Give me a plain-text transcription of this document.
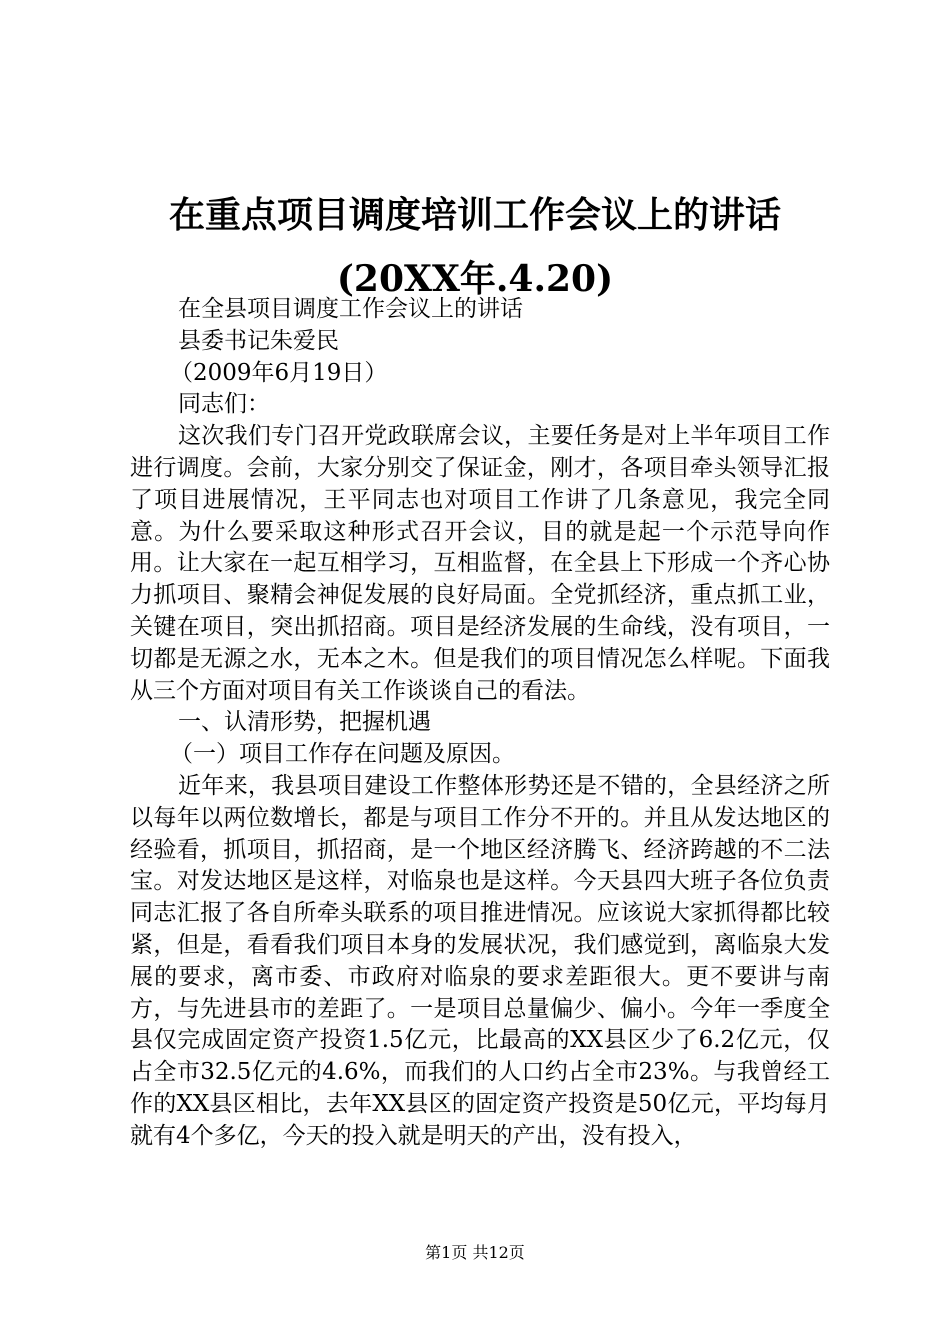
在重点项目调度培训工作会议上的讲话(20XX年.4.20)

在全县项目调度工作会议上的讲话

县委书记朱爱民

（2009年6月19日）

同志们：

这次我们专门召开党政联席会议，主要任务是对上半年项目工作进行调度。会前，大家分别交了保证金，刚才，各项目牵头领导汇报了项目进展情况，王平同志也对项目工作讲了几条意见，我完全同意。为什么要采取这种形式召开会议，目的就是起一个示范导向作用。让大家在一起互相学习，互相监督，在全县上下形成一个齐心协力抓项目、聚精会神促发展的良好局面。全党抓经济，重点抓工业，关键在项目，突出抓招商。项目是经济发展的生命线，没有项目，一切都是无源之水，无本之木。但是我们的项目情况怎么样呢。下面我从三个方面对项目有关工作谈谈自己的看法。

一、认清形势，把握机遇

（一）项目工作存在问题及原因。

近年来，我县项目建设工作整体形势还是不错的，全县经济之所以每年以两位数增长，都是与项目工作分不开的。并且从发达地区的经验看，抓项目，抓招商，是一个地区经济腾飞、经济跨越的不二法宝。对发达地区是这样，对临泉也是这样。今天县四大班子各位负责同志汇报了各自所牵头联系的项目推进情况。应该说大家抓得都比较紧，但是，看看我们项目本身的发展状况，我们感觉到，离临泉大发展的要求，离市委、市政府对临泉的要求差距很大。更不要讲与南方，与先进县市的差距了。一是项目总量偏少、偏小。今年一季度全县仅完成固定资产投资1.5亿元，比最高的XX县区少了6.2亿元，仅占全市32.5亿元的4.6%，而我们的人口约占全市23%。与我曾经工作的XX县区相比，去年XX县区的固定资产投资是50亿元，平均每月就有4个多亿，今天的投入就是明天的产出，没有投入，

第1页 共12页
